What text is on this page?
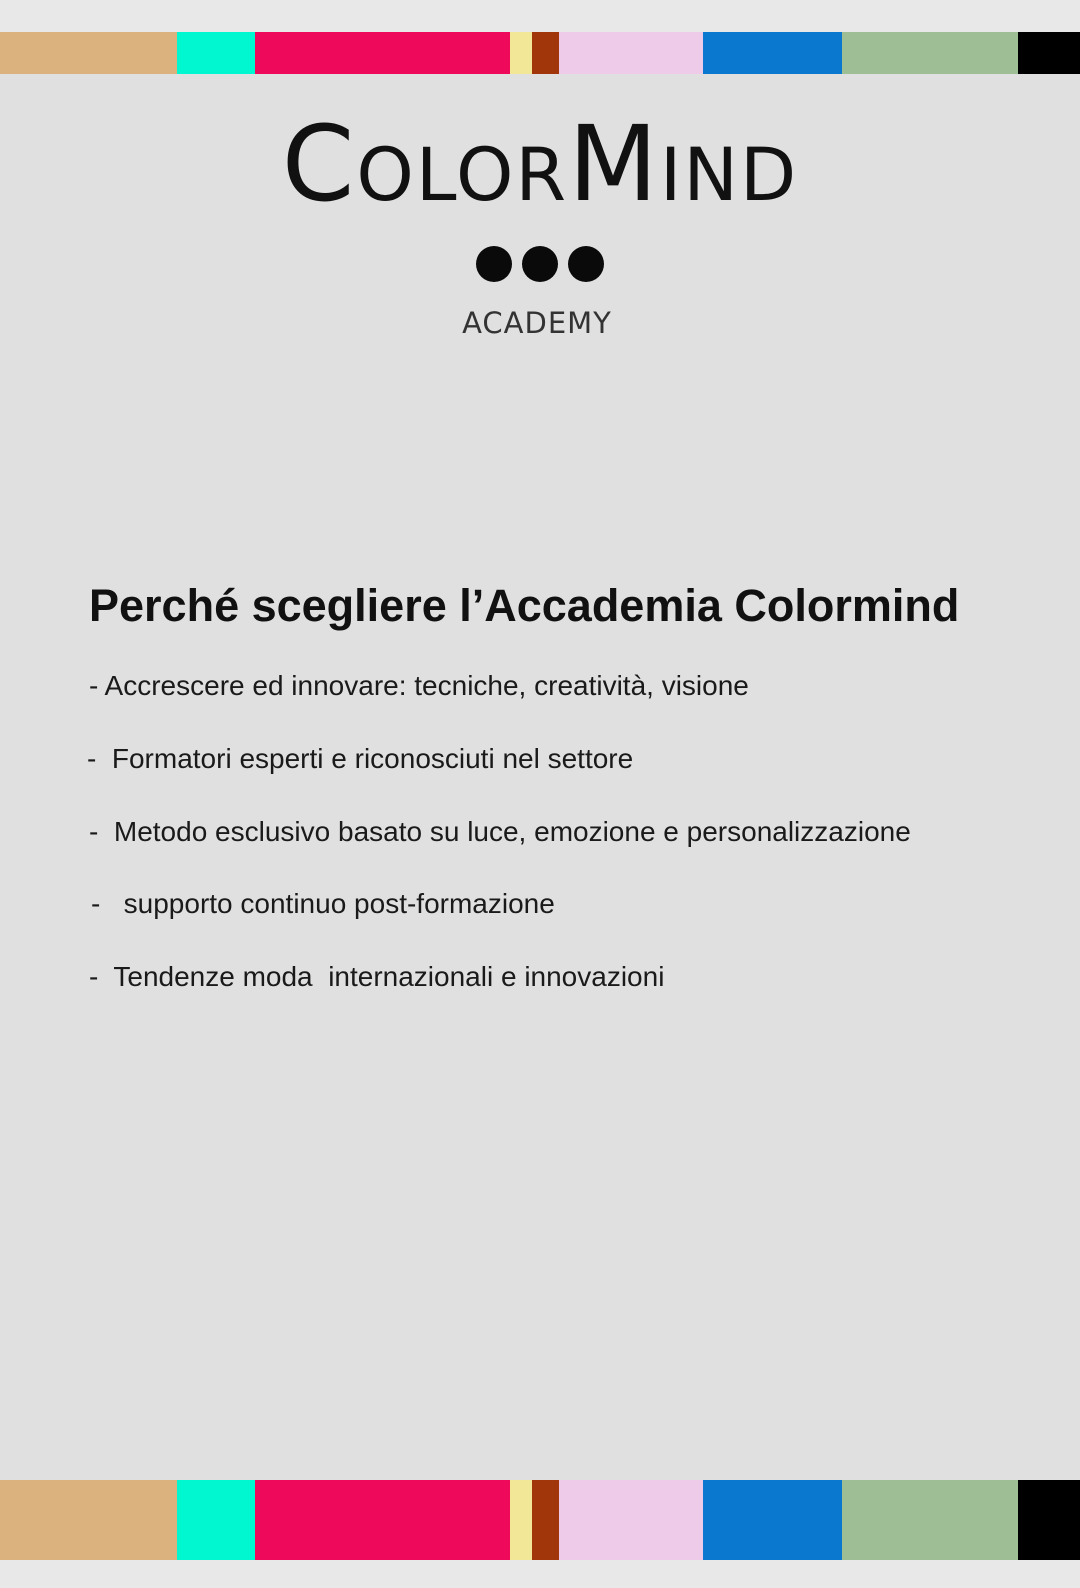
ColorMind
ACADEMY
Perché scegliere l’Accademia Colormind
- Accrescere ed innovare: tecniche, creatività, visione
-  Formatori esperti e riconosciuti nel settore
-  Metodo esclusivo basato su luce, emozione e personalizzazione
-   supporto continuo post-formazione
-  Tendenze moda  internazionali e innovazioni
